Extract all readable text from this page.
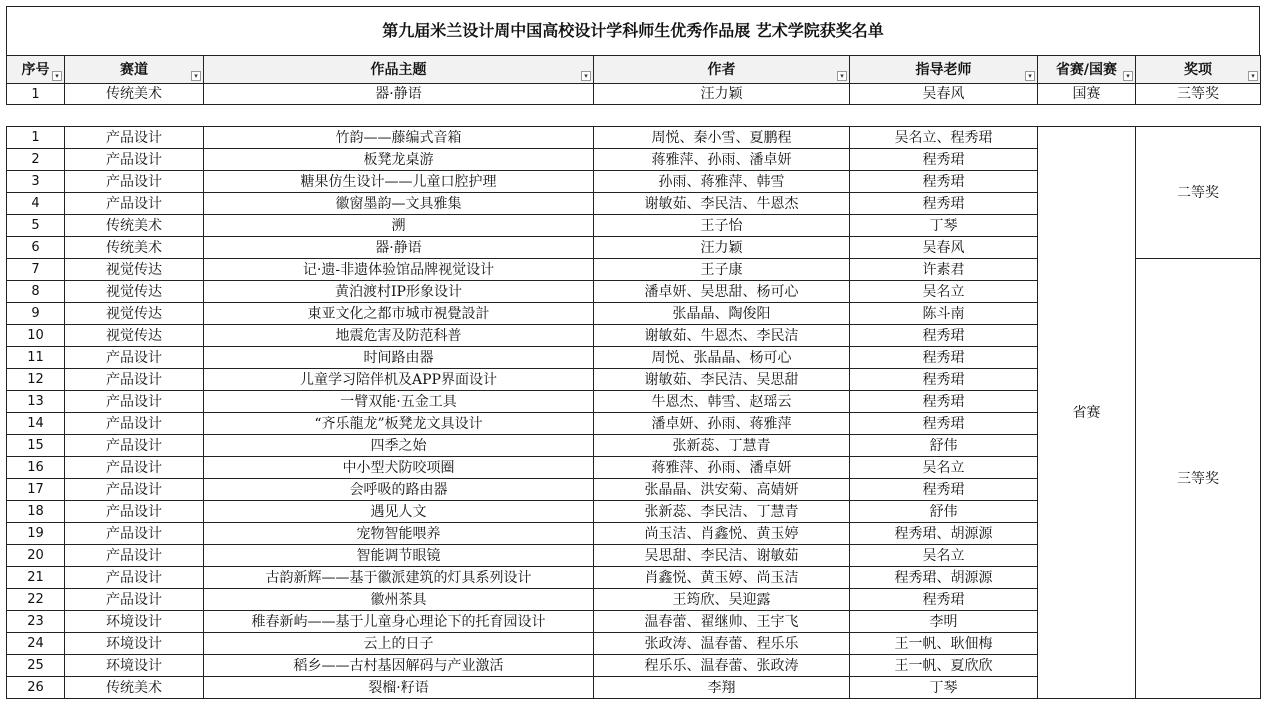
第九届米兰设计周中国高校设计学科师生优秀作品展 艺术学院获奖名单
序号 ▾	赛道 ▾	作品主题 ▾	作者 ▾	指导老师 ▾	省赛/国赛 ▾	奖项 ▾

1	传统美术	器·静语	汪力颖	吴春风	国赛	三等奖
1	产品设计	竹韵——藤编式音箱	周悦、秦小雪、夏鹏程	吴名立、程秀珺	省赛	二等奖
2	产品设计	板凳龙桌游	蒋雅萍、孙雨、潘卓妍	程秀珺		
3	产品设计	糖果仿生设计——儿童口腔护理	孙雨、蒋雅萍、韩雪	程秀珺		
4	产品设计	徽窗墨韵—文具雅集	谢敏茹、李民洁、牛恩杰	程秀珺		
5	传统美术	溯	王子怡	丁琴		
6	传统美术	器·静语	汪力颖	吴春风		
7	视觉传达	记·遗-非遗体验馆品牌视觉设计	王子康	许素君		三等奖
8	视觉传达	黄泊渡村IP形象设计	潘卓妍、吴思甜、杨可心	吴名立		
9	视觉传达	東亚文化之都市城市視覺設計	张晶晶、陶俊阳	陈斗南		
10	视觉传达	地震危害及防范科普	谢敏茹、牛恩杰、李民洁	程秀珺		
11	产品设计	时间路由器	周悦、张晶晶、杨可心	程秀珺		
12	产品设计	儿童学习陪伴机及APP界面设计	谢敏茹、李民洁、吴思甜	程秀珺		
13	产品设计	一臂双能·五金工具	牛恩杰、韩雪、赵瑶云	程秀珺		
14	产品设计	“齐乐龍龙”板凳龙文具设计	潘卓妍、孙雨、蒋雅萍	程秀珺		
15	产品设计	四季之始	张新蕊、丁慧青	舒伟		
16	产品设计	中小型犬防咬项圈	蒋雅萍、孙雨、潘卓妍	吴名立		
17	产品设计	会呼吸的路由器	张晶晶、洪安菊、高婧妍	程秀珺		
18	产品设计	遇见人文	张新蕊、李民洁、丁慧青	舒伟		
19	产品设计	宠物智能喂养	尚玉洁、肖鑫悦、黄玉婷	程秀珺、胡源源		
20	产品设计	智能调节眼镜	吴思甜、李民洁、谢敏茹	吴名立		
21	产品设计	古韵新辉——基于徽派建筑的灯具系列设计	肖鑫悦、黄玉婷、尚玉洁	程秀珺、胡源源		
22	产品设计	徽州茶具	王筠欣、吴迎露	程秀珺		
23	环境设计	稚春新屿——基于儿童身心理论下的托育园设计	温春蕾、翟继帅、王宇飞	李明		
24	环境设计	云上的日子	张政涛、温春蕾、程乐乐	王一帆、耿佃梅		
25	环境设计	稻乡——古村基因解码与产业激活	程乐乐、温春蕾、张政涛	王一帆、夏欣欣		
26	传统美术	裂榴·籽语	李翔	丁琴		
